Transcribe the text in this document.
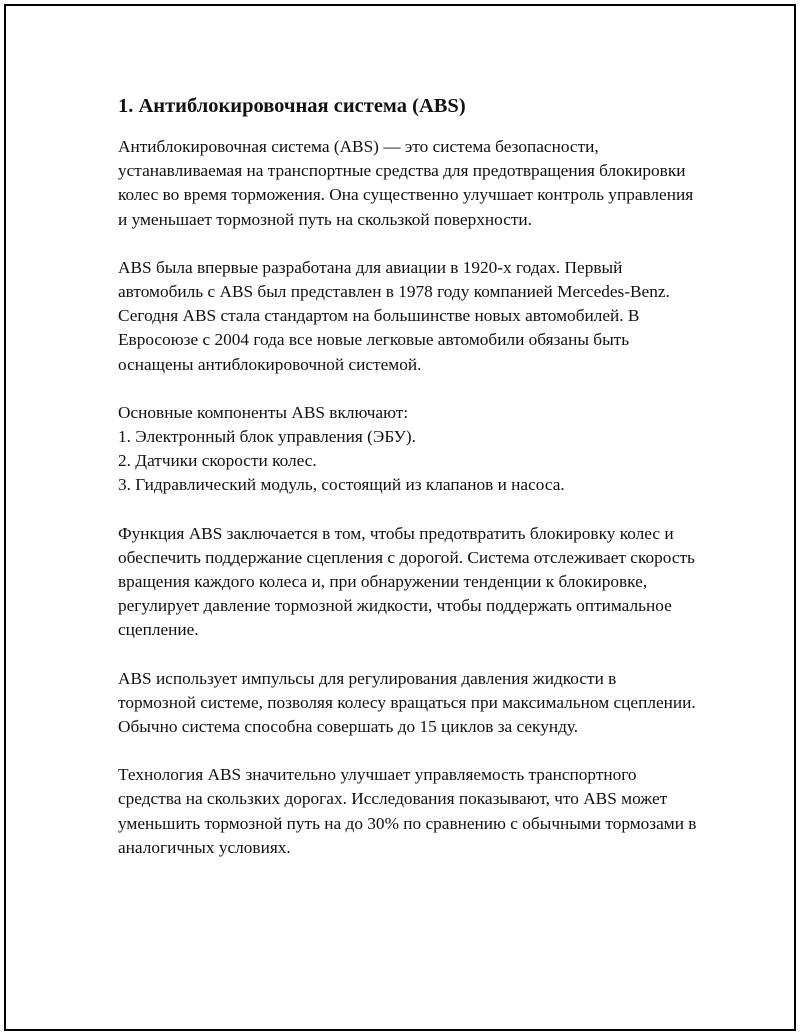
1. Антиблокировочная система (ABS)

Антиблокировочная система (ABS) — это система безопасности, устанавливаемая на транспортные средства для предотвращения блокировки колес во время торможения. Она существенно улучшает контроль управления и уменьшает тормозной путь на скользкой поверхности.

ABS была впервые разработана для авиации в 1920-х годах. Первый автомобиль с ABS был представлен в 1978 году компанией Mercedes-Benz. Сегодня ABS стала стандартом на большинстве новых автомобилей. В Евросоюзе с 2004 года все новые легковые автомобили обязаны быть оснащены антиблокировочной системой.

Основные компоненты ABS включают:
1. Электронный блок управления (ЭБУ).
2. Датчики скорости колес.
3. Гидравлический модуль, состоящий из клапанов и насоса.

Функция ABS заключается в том, чтобы предотвратить блокировку колес и обеспечить поддержание сцепления с дорогой. Система отслеживает скорость вращения каждого колеса и, при обнаружении тенденции к блокировке, регулирует давление тормозной жидкости, чтобы поддержать оптимальное сцепление.

ABS использует импульсы для регулирования давления жидкости в тормозной системе, позволяя колесу вращаться при максимальном сцеплении. Обычно система способна совершать до 15 циклов за секунду.

Технология ABS значительно улучшает управляемость транспортного средства на скользких дорогах. Исследования показывают, что ABS может уменьшить тормозной путь на до 30% по сравнению с обычными тормозами в аналогичных условиях.
